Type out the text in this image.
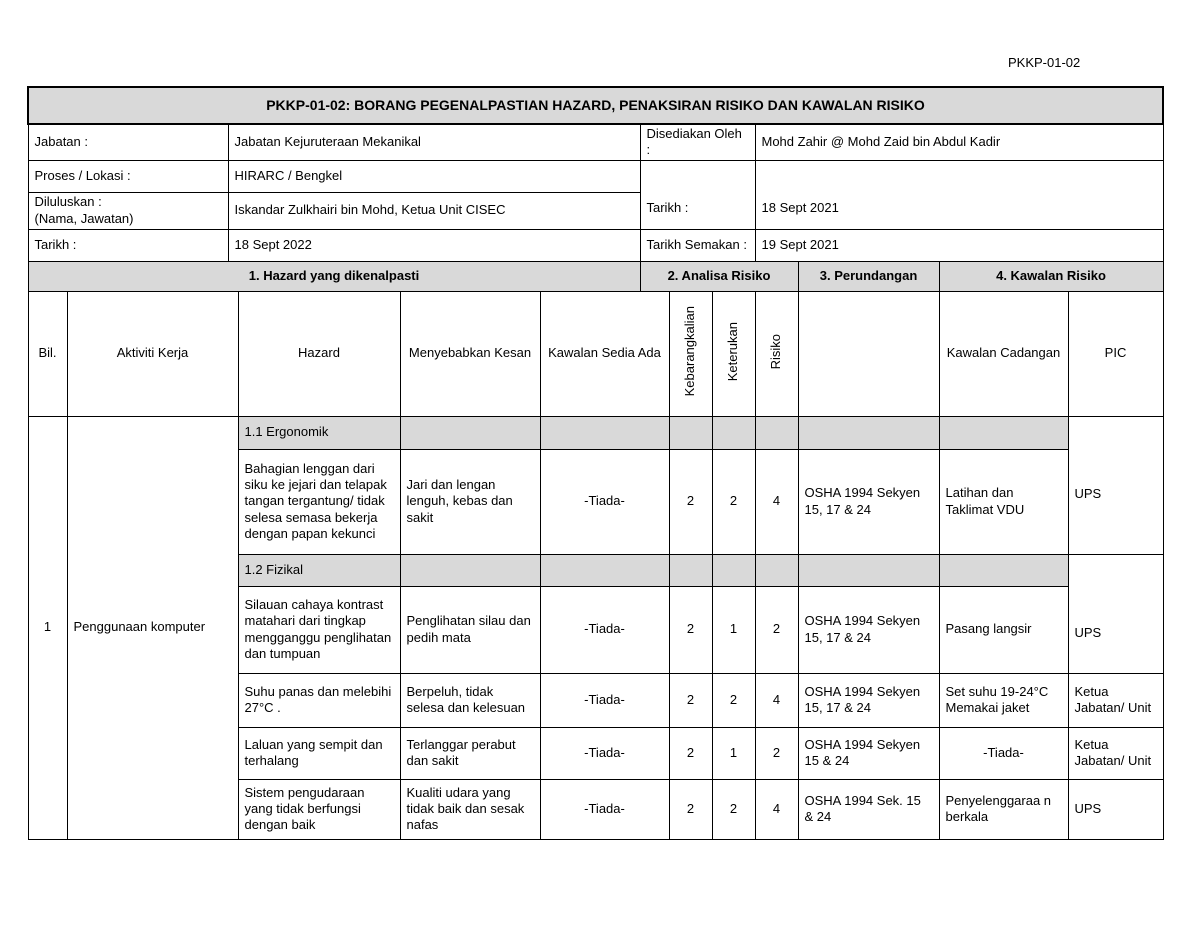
PKKP-01-02
PKKP-01-02: BORANG PEGENALPASTIAN HAZARD, PENAKSIRAN RISIKO DAN KAWALAN RISIKO												
Jabatan :		Jabatan Kejuruteraan Mekanikal				Disediakan Oleh :			Mohd Zahir @ Mohd Zaid bin Abdul Kadir			
Proses / Lokasi :		HIRARC / Bengkel				Tarikh :			18 Sept 2021			

Diluluskan :
(Nama, Jawatan)		Iskandar Zulkhairi bin Mohd, Ketua Unit CISEC										
Tarikh :		18 Sept 2022				Tarikh Semakan :			19 Sept 2021			
1. Hazard yang dikenalpasti						2. Analisa Risiko				3. Perundangan	4. Kawalan Risiko	
Bil.	Aktiviti Kerja		Hazard	Menyebabkan Kesan	Kawalan Sedia Ada		Kebarangkalian	Keterukan	Risiko		Kawalan Cadangan	PIC
1	Penggunaan komputer		1.1 Ergonomik									UPS
			Bahagian lenggan dari siku ke jejari dan telapak tangan tergantung/ tidak selesa semasa bekerja dengan papan kekunci	Jari dan lengan lenguh, kebas dan sakit	-Tiada-		2	2	4	OSHA 1994 Sekyen 15, 17 & 24	Latihan dan Taklimat VDU	
			1.2 Fizikal									UPS
			Silauan cahaya kontrast matahari dari tingkap mengganggu penglihatan dan tumpuan	Penglihatan silau dan pedih mata	-Tiada-		2	1	2	OSHA 1994 Sekyen 15, 17 & 24	Pasang langsir	
			Suhu panas dan melebihi 27°C .	Berpeluh, tidak selesa dan kelesuan	-Tiada-		2	2	4	OSHA 1994 Sekyen 15, 17 & 24	Set suhu 19-24°C Memakai jaket	Ketua Jabatan/ Unit
			Laluan yang sempit dan terhalang	Terlanggar perabut dan sakit	-Tiada-		2	1	2	OSHA 1994 Sekyen 15 & 24	-Tiada-	Ketua Jabatan/ Unit
			Sistem pengudaraan yang tidak berfungsi dengan baik	Kualiti udara yang tidak baik dan sesak nafas	-Tiada-		2	2	4	OSHA 1994 Sek. 15 & 24	Penyelenggaraa n berkala	UPS
